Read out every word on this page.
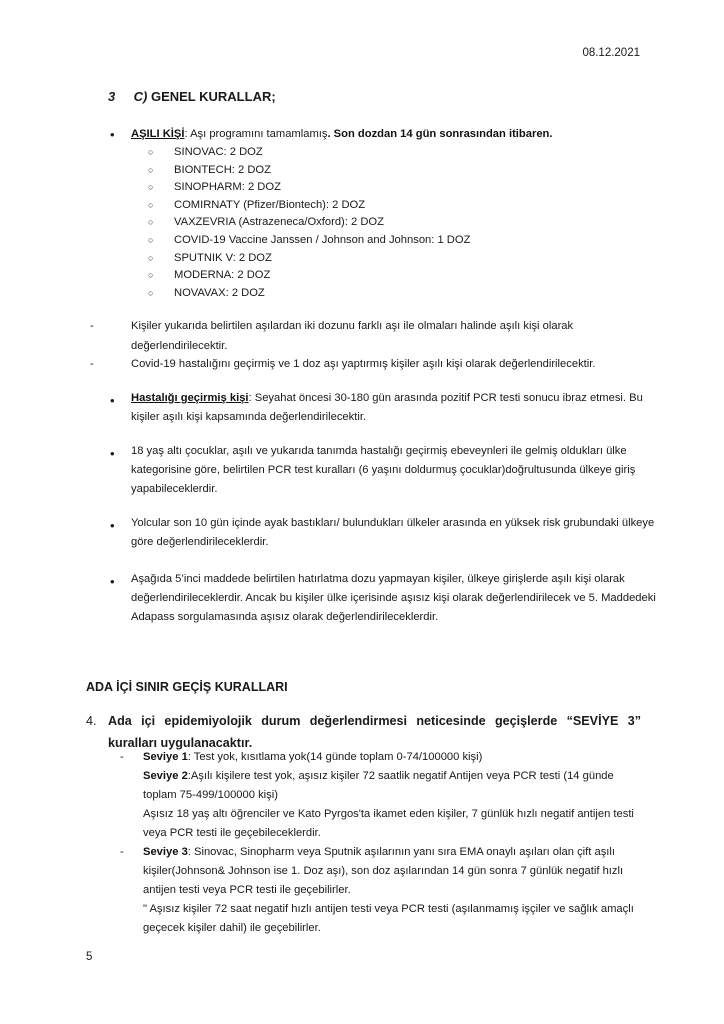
08.12.2021
3 C) GENEL KURALLAR;
• AŞILI KİŞİ: Aşı programını tamamlamış. Son dozdan 14 gün sonrasından itibaren.
○ SINOVAC: 2 DOZ
○ BIONTECH: 2 DOZ
○ SINOPHARM: 2 DOZ
○ COMIRNATY (Pfizer/Biontech): 2 DOZ
○ VAXZEVRIA (Astrazeneca/Oxford): 2 DOZ
○ COVID-19 Vaccine Janssen / Johnson and Johnson: 1 DOZ
○ SPUTNIK V: 2 DOZ
○ MODERNA: 2 DOZ
○ NOVAVAX: 2 DOZ
-	Kişiler yukarıda belirtilen aşılardan iki dozunu farklı aşı ile olmaları halinde aşılı kişi olarak değerlendirilecektir.
-	Covid-19 hastalığını geçirmiş ve 1 doz aşı yaptırmış kişiler aşılı kişi olarak değerlendirilecektir.
• Hastalığı geçirmiş kişi: Seyahat öncesi 30-180 gün arasında pozitif PCR testi sonucu ibraz etmesi. Bu kişiler aşılı kişi kapsamında değerlendirilecektir.
• 18 yaş altı çocuklar, aşılı ve yukarıda tanımda hastalığı geçirmiş ebeveynleri ile gelmiş oldukları ülke kategorisine göre, belirtilen PCR test kuralları (6 yaşını doldurmuş çocuklar)doğrultusunda ülkeye giriş yapabileceklerdir.
• Yolcular son 10 gün içinde ayak bastıkları/ bulundukları ülkeler arasında en yüksek risk grubundaki ülkeye göre değerlendirileceklerdir.
• Aşağıda 5’inci maddede belirtilen hatırlatma dozu yapmayan kişiler, ülkeye girişlerde aşılı kişi olarak değerlendirileceklerdir. Ancak bu kişiler ülke içerisinde aşısız kişi olarak değerlendirilecek ve 5. Maddedeki Adapass sorgulamasında aşısız olarak değerlendirileceklerdir.
ADA İÇİ SINIR GEÇİŞ KURALLARI
4. Ada içi epidemiyolojik durum değerlendirmesi neticesinde geçişlerde “SEVİYE 3” kuralları uygulanacaktır.
- Seviye 1: Test yok, kısıtlama yok(14 günde toplam 0-74/100000 kişi)
Seviye 2:Aşılı kişilere test yok, aşısız kişiler 72 saatlik negatif Antijen veya PCR testi (14 günde toplam 75-499/100000 kişi)
Aşısız 18 yaş altı öğrenciler ve Kato Pyrgos'ta ikamet eden kişiler, 7 günlük hızlı negatif antijen testi veya PCR testi ile geçebileceklerdir.
- Seviye 3: Sinovac, Sinopharm veya Sputnik aşılarının yanı sıra EMA onaylı aşıları olan çift aşılı kişiler(Johnson& Johnson ise 1. Doz aşı), son doz aşılarından 14 gün sonra 7 günlük negatif hızlı antijen testi veya PCR testi ile geçebilirler.
" Aşısız kişiler 72 saat negatif hızlı antijen testi veya PCR testi (aşılanmamış işçiler ve sağlık amaçlı geçecek kişiler dahil) ile geçebilirler.
5
